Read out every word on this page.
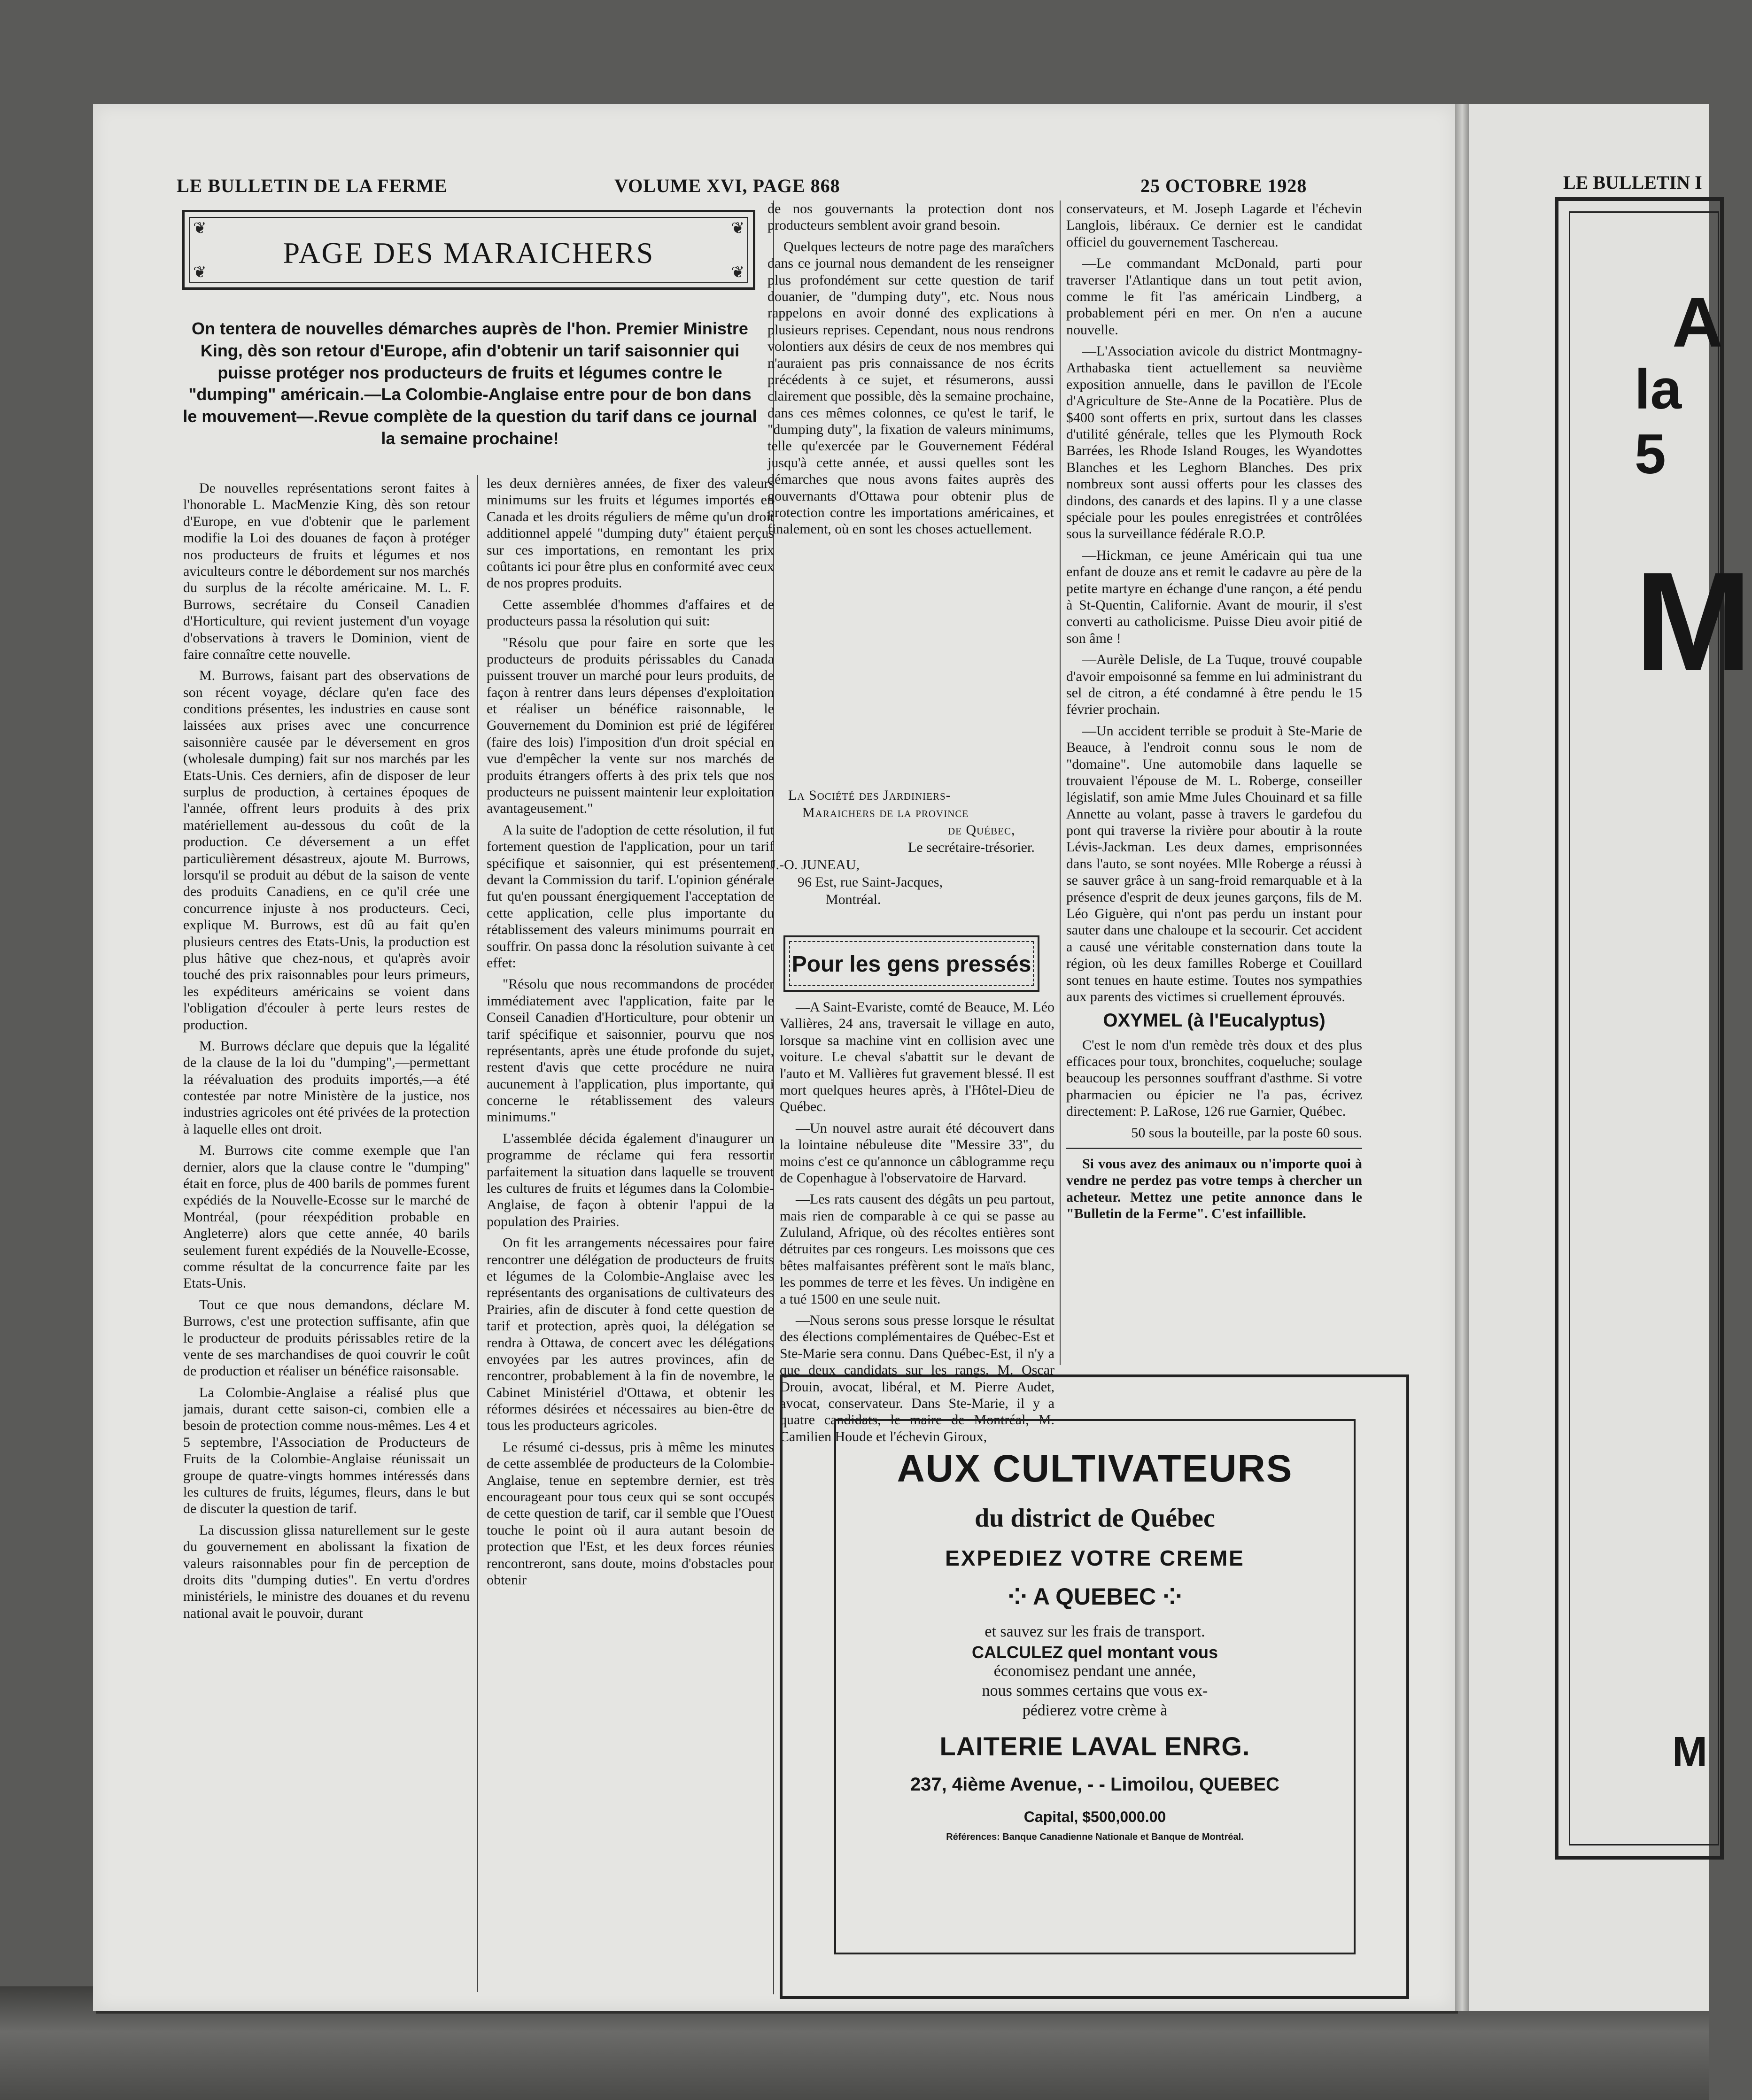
LE BULLETIN DE LA FERME	VOLUME XVI, PAGE 868	25 OCTOBRE 1928
❦	❦
❦	❦
PAGE DES MARAICHERS
On tentera de nouvelles démarches auprès de l'hon. Premier Ministre King, dès son retour d'Europe, afin d'obtenir un tarif saisonnier qui puisse protéger nos producteurs de fruits et légumes contre le "dumping" américain.—La Colombie-Anglaise entre pour de bon dans le mouvement—.Revue complète de la question du tarif dans ce journal la semaine prochaine!

De nouvelles représentations seront faites à l'honorable L. MacMenzie King, dès son retour d'Europe, en vue d'obtenir que le parlement modifie la Loi des douanes de façon à protéger nos producteurs de fruits et légumes et nos aviculteurs contre le débordement sur nos marchés du surplus de la récolte américaine. M. L. F. Burrows, secrétaire du Conseil Canadien d'Horticulture, qui revient justement d'un voyage d'observations à travers le Dominion, vient de faire connaître cette nouvelle.

M. Burrows, faisant part des observations de son récent voyage, déclare qu'en face des conditions présentes, les industries en cause sont laissées aux prises avec une concurrence saisonnière causée par le déversement en gros (wholesale dumping) fait sur nos marchés par les Etats-Unis. Ces derniers, afin de disposer de leur surplus de production, à certaines époques de l'année, offrent leurs produits à des prix matériellement au-dessous du coût de la production. Ce déversement a un effet particulièrement désastreux, ajoute M. Burrows, lorsqu'il se produit au début de la saison de vente des produits Canadiens, en ce qu'il crée une concurrence injuste à nos producteurs. Ceci, explique M. Burrows, est dû au fait qu'en plusieurs centres des Etats-Unis, la production est plus hâtive que chez-nous, et qu'après avoir touché des prix raisonnables pour leurs primeurs, les expéditeurs américains se voient dans l'obligation d'écouler à perte leurs restes de production.

M. Burrows déclare que depuis que la légalité de la clause de la loi du "dumping",—permettant la réévaluation des produits importés,—a été contestée par notre Ministère de la justice, nos industries agricoles ont été privées de la protection à laquelle elles ont droit.

M. Burrows cite comme exemple que l'an dernier, alors que la clause contre le "dumping" était en force, plus de 400 barils de pommes furent expédiés de la Nouvelle-Ecosse sur le marché de Montréal, (pour réexpédition probable en Angleterre) alors que cette année, 40 barils seulement furent expédiés de la Nouvelle-Ecosse, comme résultat de la concurrence faite par les Etats-Unis.

Tout ce que nous demandons, déclare M. Burrows, c'est une protection suffisante, afin que le producteur de produits périssables retire de la vente de ses marchandises de quoi couvrir le coût de production et réaliser un bénéfice raisonsable.

La Colombie-Anglaise a réalisé plus que jamais, durant cette saison-ci, combien elle a besoin de protection comme nous-mêmes. Les 4 et 5 septembre, l'Association de Producteurs de Fruits de la Colombie-Anglaise réunissait un groupe de quatre-vingts hommes intéressés dans les cultures de fruits, légumes, fleurs, dans le but de discuter la question de tarif.

La discussion glissa naturellement sur le geste du gouvernement en abolissant la fixation de valeurs raisonnables pour fin de perception de droits dits "dumping duties". En vertu d'ordres ministériels, le ministre des douanes et du revenu national avait le pouvoir, durant

les deux dernières années, de fixer des valeurs minimums sur les fruits et légumes importés en Canada et les droits réguliers de même qu'un droit additionnel appelé "dumping duty" étaient perçus sur ces importations, en remontant les prix coûtants ici pour être plus en conformité avec ceux de nos propres produits.

Cette assemblée d'hommes d'affaires et de producteurs passa la résolution qui suit:

"Résolu que pour faire en sorte que les producteurs de produits périssables du Canada puissent trouver un marché pour leurs produits, de façon à rentrer dans leurs dépenses d'exploitation et réaliser un bénéfice raisonnable, le Gouvernement du Dominion est prié de légiférer (faire des lois) l'imposition d'un droit spécial en vue d'empêcher la vente sur nos marchés de produits étrangers offerts à des prix tels que nos producteurs ne puissent maintenir leur exploitation avantageusement."

A la suite de l'adoption de cette résolution, il fut fortement question de l'application, pour un tarif spécifique et saisonnier, qui est présentement devant la Commission du tarif. L'opinion générale fut qu'en poussant énergiquement l'acceptation de cette application, celle plus importante du rétablissement des valeurs minimums pourrait en souffrir. On passa donc la résolution suivante à cet effet:

"Résolu que nous recommandons de procéder immédiatement avec l'application, faite par le Conseil Canadien d'Horticulture, pour obtenir un tarif spécifique et saisonnier, pourvu que nos représentants, après une étude profonde du sujet, restent d'avis que cette procédure ne nuira aucunement à l'application, plus importante, qui concerne le rétablissement des valeurs minimums."

L'assemblée décida également d'inaugurer un programme de réclame qui fera ressortir parfaitement la situation dans laquelle se trouvent les cultures de fruits et légumes dans la Colombie-Anglaise, de façon à obtenir l'appui de la population des Prairies.

On fit les arrangements nécessaires pour faire rencontrer une délégation de producteurs de fruits et légumes de la Colombie-Anglaise avec les représentants des organisations de cultivateurs des Prairies, afin de discuter à fond cette question de tarif et protection, après quoi, la délégation se rendra à Ottawa, de concert avec les délégations envoyées par les autres provinces, afin de rencontrer, probablement à la fin de novembre, le Cabinet Ministériel d'Ottawa, et obtenir les réformes désirées et nécessaires au bien-être de tous les producteurs agricoles.

Le résumé ci-dessus, pris à même les minutes de cette assemblée de producteurs de la Colombie-Anglaise, tenue en septembre dernier, est très encourageant pour tous ceux qui se sont occupés de cette question de tarif, car il semble que l'Ouest touche le point où il aura autant besoin de protection que l'Est, et les deux forces réunies rencontreront, sans doute, moins d'obstacles pour obtenir

de nos gouvernants la protection dont nos producteurs semblent avoir grand besoin.

Quelques lecteurs de notre page des maraîchers dans ce journal nous demandent de les renseigner plus profondément sur cette question de tarif douanier, de "dumping duty", etc. Nous nous rappelons en avoir donné des explications à plusieurs reprises. Cependant, nous nous rendrons volontiers aux désirs de ceux de nos membres qui n'auraient pas pris connaissance de nos écrits précédents à ce sujet, et résumerons, aussi clairement que possible, dès la semaine prochaine, dans ces mêmes colonnes, ce qu'est le tarif, le "dumping duty", la fixation de valeurs minimums, telle qu'exercée par le Gouvernement Fédéral jusqu'à cette année, et aussi quelles sont les démarches que nous avons faites auprès des gouvernants d'Ottawa pour obtenir plus de protection contre les importations américaines, et finalement, où en sont les choses actuellement.

La Société des Jardiniers-
Maraichers de la province
de Québec,
Le secrétaire-trésorier.
J.-O. JUNEAU,
96 Est, rue Saint-Jacques,
Montréal.
Pour les gens pressés

—A Saint-Evariste, comté de Beauce, M. Léo Vallières, 24 ans, traversait le village en auto, lorsque sa machine vint en collision avec une voiture. Le cheval s'abattit sur le devant de l'auto et M. Vallières fut gravement blessé. Il est mort quelques heures après, à l'Hôtel-Dieu de Québec.

—Un nouvel astre aurait été découvert dans la lointaine nébuleuse dite "Messire 33", du moins c'est ce qu'annonce un câblogramme reçu de Copenhague à l'observatoire de Harvard.

—Les rats causent des dégâts un peu partout, mais rien de comparable à ce qui se passe au Zululand, Afrique, où des récoltes entières sont détruites par ces rongeurs. Les moissons que ces bêtes malfaisantes préfèrent sont le maïs blanc, les pommes de terre et les fèves. Un indigène en a tué 1500 en une seule nuit.

—Nous serons sous presse lorsque le résultat des élections complémentaires de Québec-Est et Ste-Marie sera connu. Dans Québec-Est, il n'y a que deux candidats sur les rangs, M. Oscar Drouin, avocat, libéral, et M. Pierre Audet, avocat, conservateur. Dans Ste-Marie, il y a quatre candidats, le maire de Montréal, M. Camilien Houde et l'échevin Giroux,

conservateurs, et M. Joseph Lagarde et l'échevin Langlois, libéraux. Ce dernier est le candidat officiel du gouvernement Taschereau.

—Le commandant McDonald, parti pour traverser l'Atlantique dans un tout petit avion, comme le fit l'as américain Lindberg, a probablement péri en mer. On n'en a aucune nouvelle.

—L'Association avicole du district Montmagny-Arthabaska tient actuellement sa neuvième exposition annuelle, dans le pavillon de l'Ecole d'Agriculture de Ste-Anne de la Pocatière. Plus de $400 sont offerts en prix, surtout dans les classes d'utilité générale, telles que les Plymouth Rock Barrées, les Rhode Island Rouges, les Wyandottes Blanches et les Leghorn Blanches. Des prix nombreux sont aussi offerts pour les classes des dindons, des canards et des lapins. Il y a une classe spéciale pour les poules enregistrées et contrôlées sous la surveillance fédérale R.O.P.

—Hickman, ce jeune Américain qui tua une enfant de douze ans et remit le cadavre au père de la petite martyre en échange d'une rançon, a été pendu à St-Quentin, Californie. Avant de mourir, il s'est converti au catholicisme. Puisse Dieu avoir pitié de son âme !

—Aurèle Delisle, de La Tuque, trouvé coupable d'avoir empoisonné sa femme en lui administrant du sel de citron, a été condamné à être pendu le 15 février prochain.

—Un accident terrible se produit à Ste-Marie de Beauce, à l'endroit connu sous le nom de "domaine". Une automobile dans laquelle se trouvaient l'épouse de M. L. Roberge, conseiller législatif, son amie Mme Jules Chouinard et sa fille Annette au volant, passe à travers le gardefou du pont qui traverse la rivière pour aboutir à la route Lévis-Jackman. Les deux dames, emprisonnées dans l'auto, se sont noyées. Mlle Roberge a réussi à se sauver grâce à un sang-froid remarquable et à la présence d'esprit de deux jeunes garçons, fils de M. Léo Giguère, qui n'ont pas perdu un instant pour sauter dans une chaloupe et la secourir. Cet accident a causé une véritable consternation dans toute la région, où les deux familles Roberge et Couillard sont tenues en haute estime. Toutes nos sympathies aux parents des victimes si cruellement éprouvés.

OXYMEL (à l'Eucalyptus)

C'est le nom d'un remède très doux et des plus efficaces pour toux, bronchites, coqueluche; soulage beaucoup les personnes souffrant d'asthme. Si votre pharmacien ou épicier ne l'a pas, écrivez directement: P. LaRose, 126 rue Garnier, Québec.

50 sous la bouteille, par la poste 60 sous.

Si vous avez des animaux ou n'importe quoi à vendre ne perdez pas votre temps à chercher un acheteur. Mettez une petite annonce dans le "Bulletin de la Ferme". C'est infaillible.

AUX CULTIVATEURS
du district de Québec
EXPEDIEZ VOTRE CREME
⁘ A QUEBEC ⁘
et sauvez sur les frais de transport.
CALCULEZ quel montant vous
économisez pendant une année,
nous sommes certains que vous ex-
pédierez votre crème à
LAITERIE LAVAL ENRG.
237, 4ième Avenue, - - Limoilou, QUEBEC
Capital, $500,000.00
Références: Banque Canadienne Nationale et Banque de Montréal.
LE BULLETIN I
A
la 5
M
M
